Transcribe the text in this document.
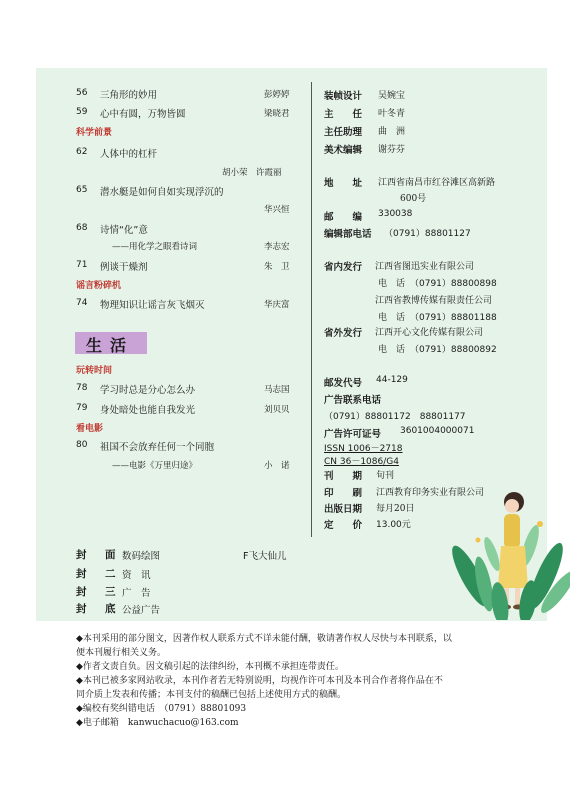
56 三角形的妙用	彭婷婷
59 心中有圆，万物皆圆	梁晓君
科学前景
62 人体中的杠杆
胡小荣　许霞丽
65 潜水艇是如何自如实现浮沉的
华兴恒
68 诗情“化”意
——用化学之眼看诗词	李志宏
71 例谈干燥剂	朱　卫
谣言粉碎机
74 物理知识让谣言灰飞烟灭	华庆富
生活
玩转时间
78 学习时总是分心怎么办	马志国
79 身处暗处也能自我发光	刘贝贝
看电影
80 祖国不会放弃任何一个同胞
——电影《万里归途》	小　诺
封　面 数码绘图	F飞大仙儿
封　二 资　讯
封　三 广　告
封　底 公益广告
装帧设计 吴婉宝
主　　任 叶冬青
主任助理 曲　洲
美术编辑 谢芬芬
地　　址 江西省南昌市红谷滩区高新路
600号
邮　　编 330038
编辑部电话 （0791）88801127
省内发行 江西省图迅实业有限公司
电　话 （0791）88800898
江西省教博传媒有限责任公司
电　话 （0791）88801188
省外发行 江西开心文化传媒有限公司
电　话 （0791）88800892
邮发代号 44-129
广告联系电话
（0791）88801172　88801177
广告许可证号 3601004000071
ISSN 1006－2718
CN 36－1086/G4
刊　　期 旬刊
印　　刷 江西教育印务实业有限公司
出版日期 每月20日
定　　价 13.00元
◆本刊采用的部分图文，因著作权人联系方式不详未能付酬，敬请著作权人尽快与本刊联系，以
便本刊履行相关义务。
◆作者文责自负。因文稿引起的法律纠纷，本刊概不承担连带责任。
◆本刊已被多家网站收录，本刊作者若无特别说明，均视作许可本刊及本刊合作者将作品在不
同介质上发表和传播；本刊支付的稿酬已包括上述使用方式的稿酬。
◆编校有奖纠错电话　（0791）88801093
◆电子邮箱　kanwuchacuo@163.com
